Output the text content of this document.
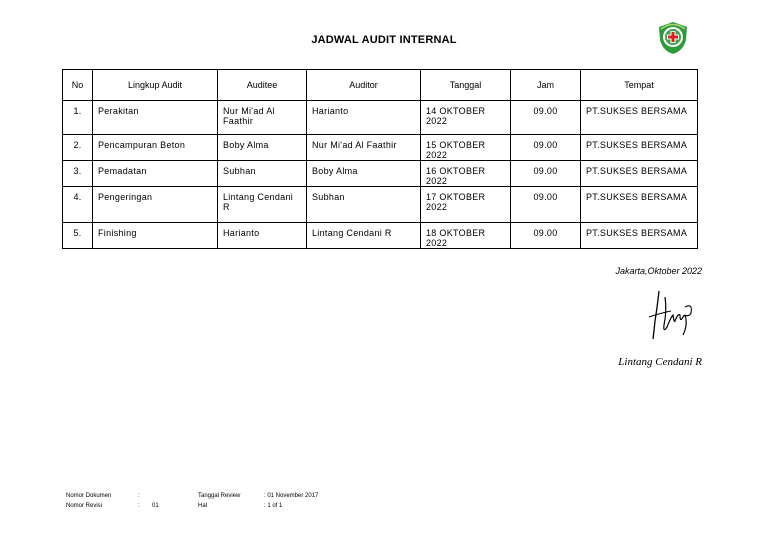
JADWAL AUDIT INTERNAL
No	Lingkup Audit	Auditee	Auditor	Tanggal	Jam	Tempat
1.	Perakitan	Nur Mi'ad Al Faathir	Harianto	14 OKTOBER 2022	09.00	PT.SUKSES BERSAMA
2.	Pencampuran Beton	Boby Alma	Nur Mi'ad Al Faathir	15 OKTOBER 2022	09.00	PT.SUKSES BERSAMA
3.	Pemadatan	Subhan	Boby Alma	16 OKTOBER 2022	09.00	PT.SUKSES BERSAMA
4.	Pengeringan	Lintang Cendani R	Subhan	17 OKTOBER 2022	09.00	PT.SUKSES BERSAMA
5.	Finishing	Harianto	Lintang Cendani R	18 OKTOBER 2022	09.00	PT.SUKSES BERSAMA
Jakarta,Oktober 2022
Lintang Cendani R
Nomor Dokumen	:	Tanggal Review	: 01 November 2017
Nomor Revisi	:	01	Hal	: 1 of 1
